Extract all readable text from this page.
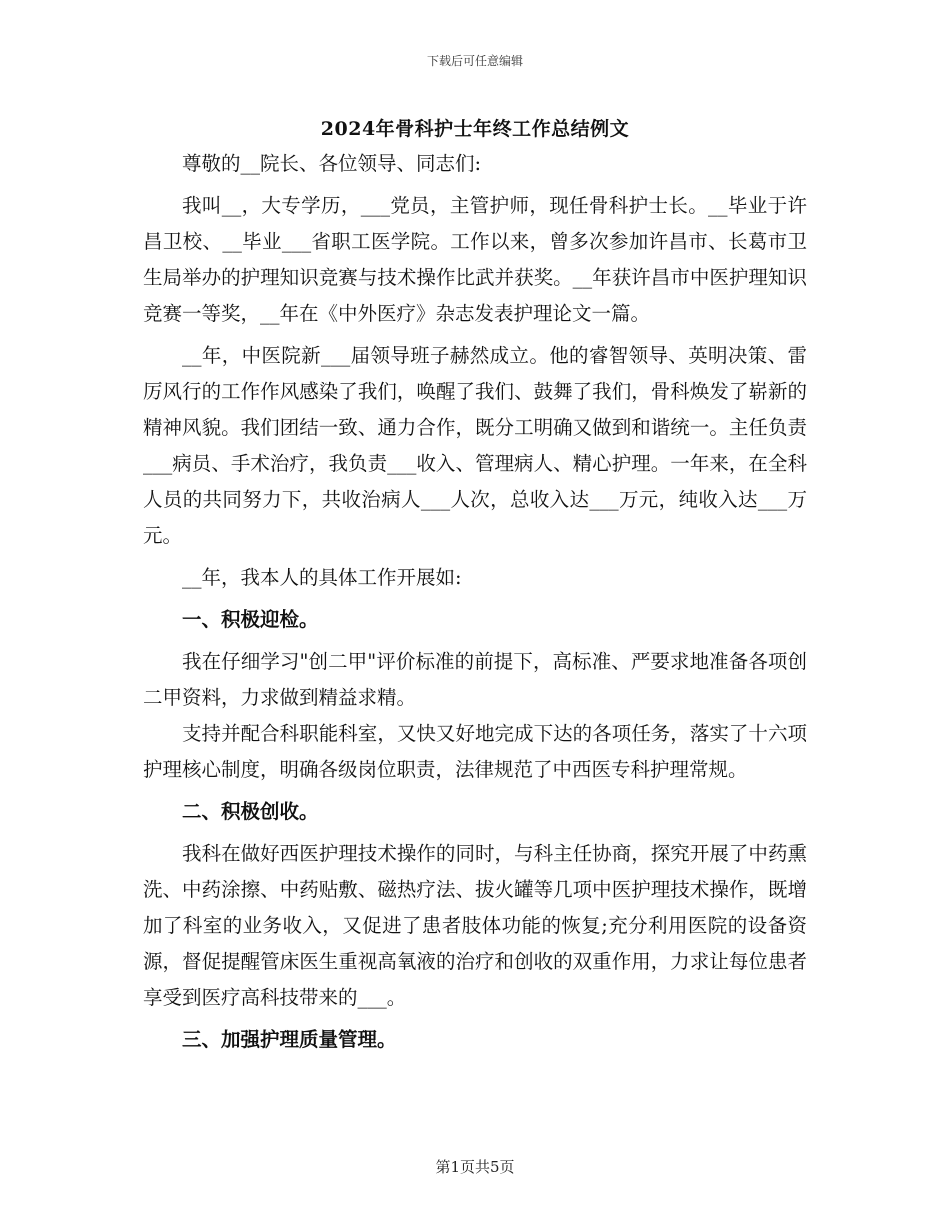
下载后可任意编辑
2024年骨科护士年终工作总结例文

尊敬的__院长、各位领导、同志们:

我叫__，大专学历，___党员，主管护师，现任骨科护士长。__毕业于许昌卫校、__毕业___省职工医学院。工作以来，曾多次参加许昌市、长葛市卫生局举办的护理知识竞赛与技术操作比武并获奖。__年获许昌市中医护理知识竞赛一等奖，__年在《中外医疗》杂志发表护理论文一篇。

__年，中医院新___届领导班子赫然成立。他的睿智领导、英明决策、雷厉风行的工作作风感染了我们，唤醒了我们、鼓舞了我们，骨科焕发了崭新的精神风貌。我们团结一致、通力合作，既分工明确又做到和谐统一。主任负责___病员、手术治疗，我负责___收入、管理病人、精心护理。一年来，在全科人员的共同努力下，共收治病人___人次，总收入达___万元，纯收入达___万元。

__年，我本人的具体工作开展如:

一、积极迎检。

我在仔细学习"创二甲"评价标准的前提下，高标准、严要求地准备各项创二甲资料，力求做到精益求精。

支持并配合科职能科室，又快又好地完成下达的各项任务，落实了十六项护理核心制度，明确各级岗位职责，法律规范了中西医专科护理常规。

二、积极创收。

我科在做好西医护理技术操作的同时，与科主任协商，探究开展了中药熏洗、中药涂擦、中药贴敷、磁热疗法、拔火罐等几项中医护理技术操作，既增加了科室的业务收入，又促进了患者肢体功能的恢复;充分利用医院的设备资源，督促提醒管床医生重视高氧液的治疗和创收的双重作用，力求让每位患者享受到医疗高科技带来的___。

三、加强护理质量管理。

第1页共5页
